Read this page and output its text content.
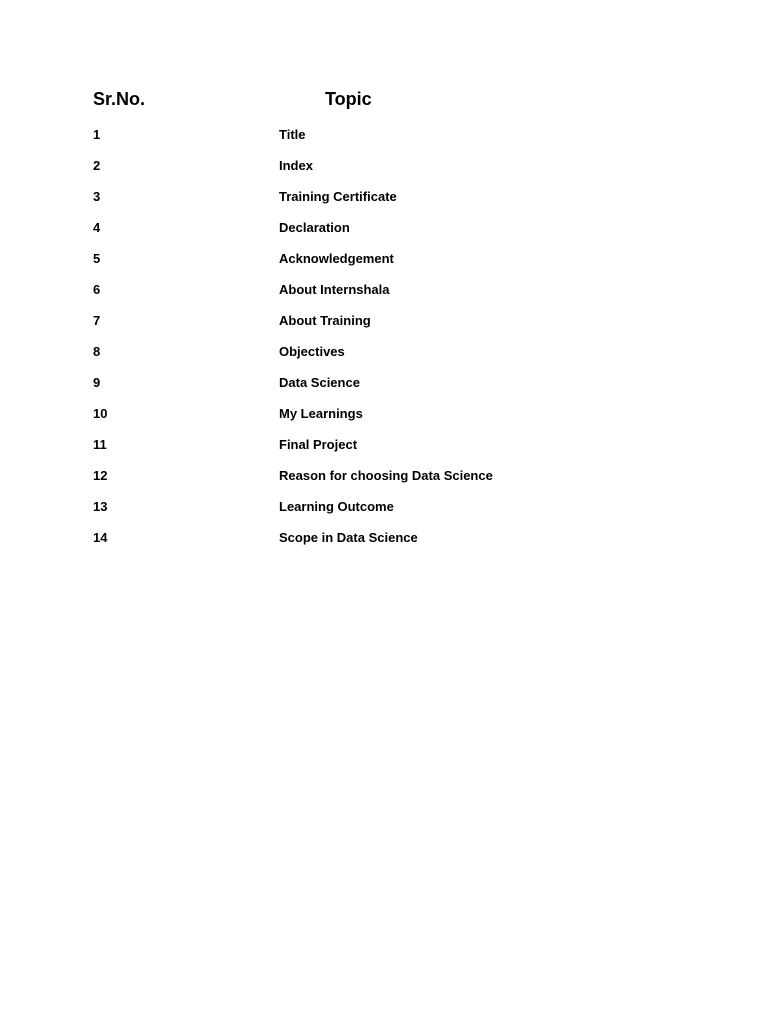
Sr.No.	Topic
1	Title
2	Index
3	Training Certificate
4	Declaration
5	Acknowledgement
6	About Internshala
7	About Training
8	Objectives
9	Data Science
10	My Learnings
11	Final Project
12	Reason for choosing Data Science
13	Learning Outcome
14	Scope in Data Science
